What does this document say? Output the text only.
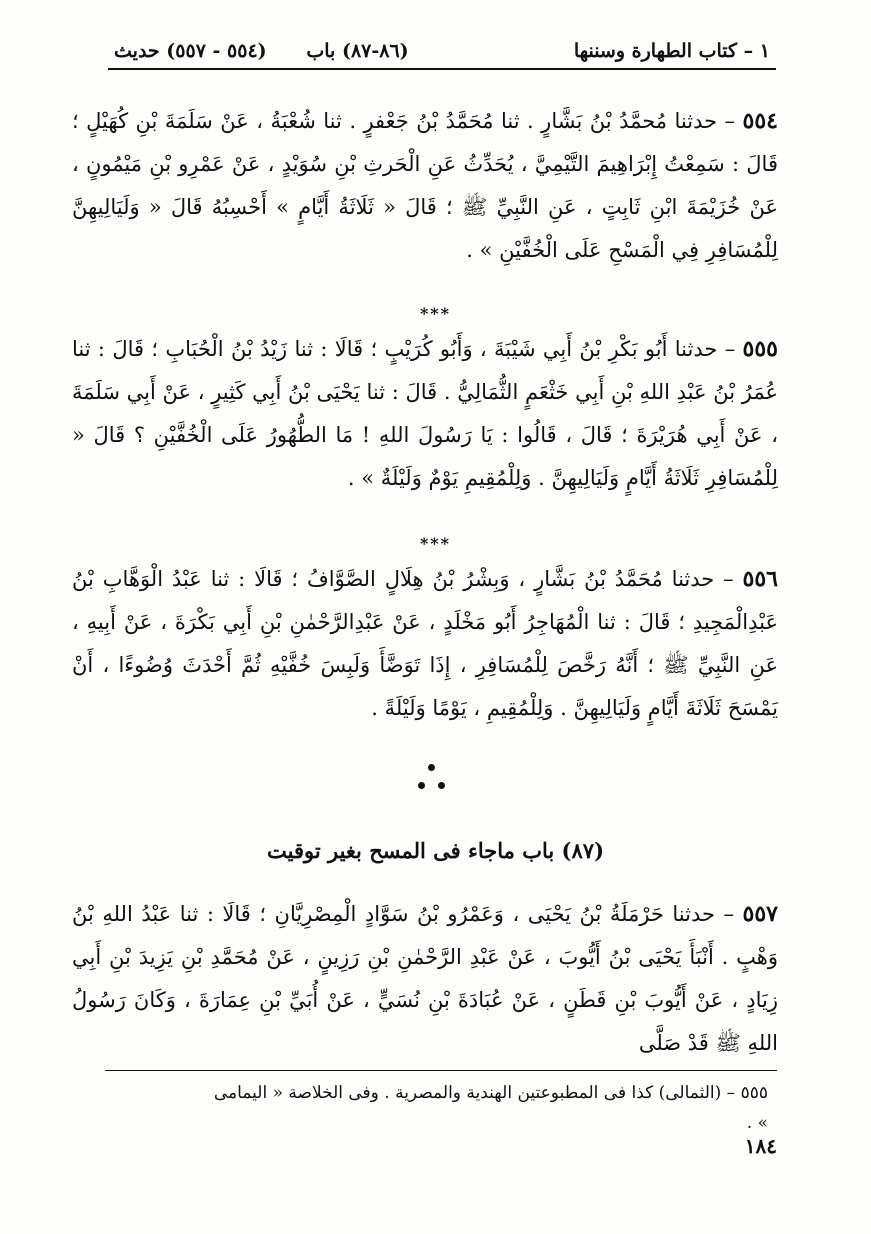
١ – كتاب الطهارة وسننها
(٨٦-٨٧) باب      (٥٥٤ - ٥٥٧) حديث
٥٥٤ – حدثنا مُحمَّدُ بْنُ بَشَّارٍ . ثنا مُحَمَّدُ بْنُ جَعْفرٍ . ثنا شُعْبَةُ ، عَنْ سَلَمَةَ بْنِ كُهَيْلٍ ؛ قَالَ : سَمِعْتُ إِبْرَاهِيمَ التَّيْمِيَّ ، يُحَدِّثُ عَنِ الْحَرثِ بْنِ سُوَيْدٍ ، عَنْ عَمْرِو بْنِ مَيْمُونٍ ، عَنْ خُزَيْمَةَ ابْنِ ثَابِتٍ ، عَنِ النَّبِيِّ ﷺ ؛ قَالَ « ثَلَاثَةُ أَيَّامٍ » أَحْسِبُهُ قَالَ « وَلَيَالِيهِنَّ لِلْمُسَافِرِ فِي الْمَسْحِ عَلَى الْخُفَّيْنِ » .
***
٥٥٥ – حدثنا أَبُو بَكْرِ بْنُ أَبِي شَيْبَةَ ، وَأَبُو كُرَيْبٍ ؛ قَالَا : ثنا زَيْدُ بْنُ الْحُبَابِ ؛ قَالَ : ثنا عُمَرُ بْنُ عَبْدِ اللهِ بْنِ أَبِي خَثْعَمٍ الثُّمَالِيُّ . قَالَ : ثنا يَحْيَى بْنُ أَبِي كَثِيرٍ ، عَنْ أَبِي سَلَمَةَ ، عَنْ أَبِي هُرَيْرَةَ ؛ قَالَ ، قَالُوا : يَا رَسُولَ اللهِ ! مَا الطُّهُورُ عَلَى الْخُفَّيْنِ ؟ قَالَ « لِلْمُسَافِرِ ثَلَاثَةُ أَيَّامٍ وَلَيَالِيهِنَّ . وَلِلْمُقِيمِ يَوْمٌ وَلَيْلَةٌ » .
***
٥٥٦ – حدثنا مُحَمَّدُ بْنُ بَشَّارٍ ، وَبِشْرُ بْنُ هِلَالٍ الصَّوَّافُ ؛ قَالَا : ثنا عَبْدُ الْوَهَّابِ بْنُ عَبْدِالْمَجِيدِ ؛ قَالَ : ثنا الْمُهَاجِرُ أَبُو مَخْلَدٍ ، عَنْ عَبْدِالرَّحْمٰنِ بْنِ أَبِي بَكْرَةَ ، عَنْ أَبِيهِ ، عَنِ النَّبِيِّ ﷺ ؛ أَنَّهُ رَخَّصَ لِلْمُسَافِرِ ، إِذَا تَوَضَّأَ وَلَبِسَ خُفَّيْهِ ثُمَّ أَحْدَثَ وُضُوءًا ، أَنْ يَمْسَحَ ثَلَاثَةَ أَيَّامٍ وَلَيَالِيهِنَّ . وَلِلْمُقِيمِ ، يَوْمًا وَلَيْلَةً .
(٨٧) باب ماجاء فى المسح بغير توقيت
٥٥٧ – حدثنا حَرْمَلَةُ بْنُ يَحْيَى ، وَعَمْرُو بْنُ سَوَّادٍ الْمِصْرِيَّانِ ؛ قَالَا : ثنا عَبْدُ اللهِ بْنُ وَهْبٍ . أَنْبَأَ يَحْيَى بْنُ أَيُّوبَ ، عَنْ عَبْدِ الرَّحْمٰنِ بْنِ رَزِينٍ ، عَنْ مُحَمَّدِ بْنِ يَزِيدَ بْنِ أَبِي زِيَادٍ ، عَنْ أَيُّوبَ بْنِ قَطَنٍ ، عَنْ عُبَادَةَ بْنِ نُسَيٍّ ، عَنْ أُبَيِّ بْنِ عِمَارَةَ ، وَكَانَ رَسُولُ اللهِ ﷺ قَدْ صَلَّى
٥٥٥ – (الثمالى) كذا فى المطبوعتين الهندية والمصرية . وفى الخلاصة « اليمامى » .
١٨٤
